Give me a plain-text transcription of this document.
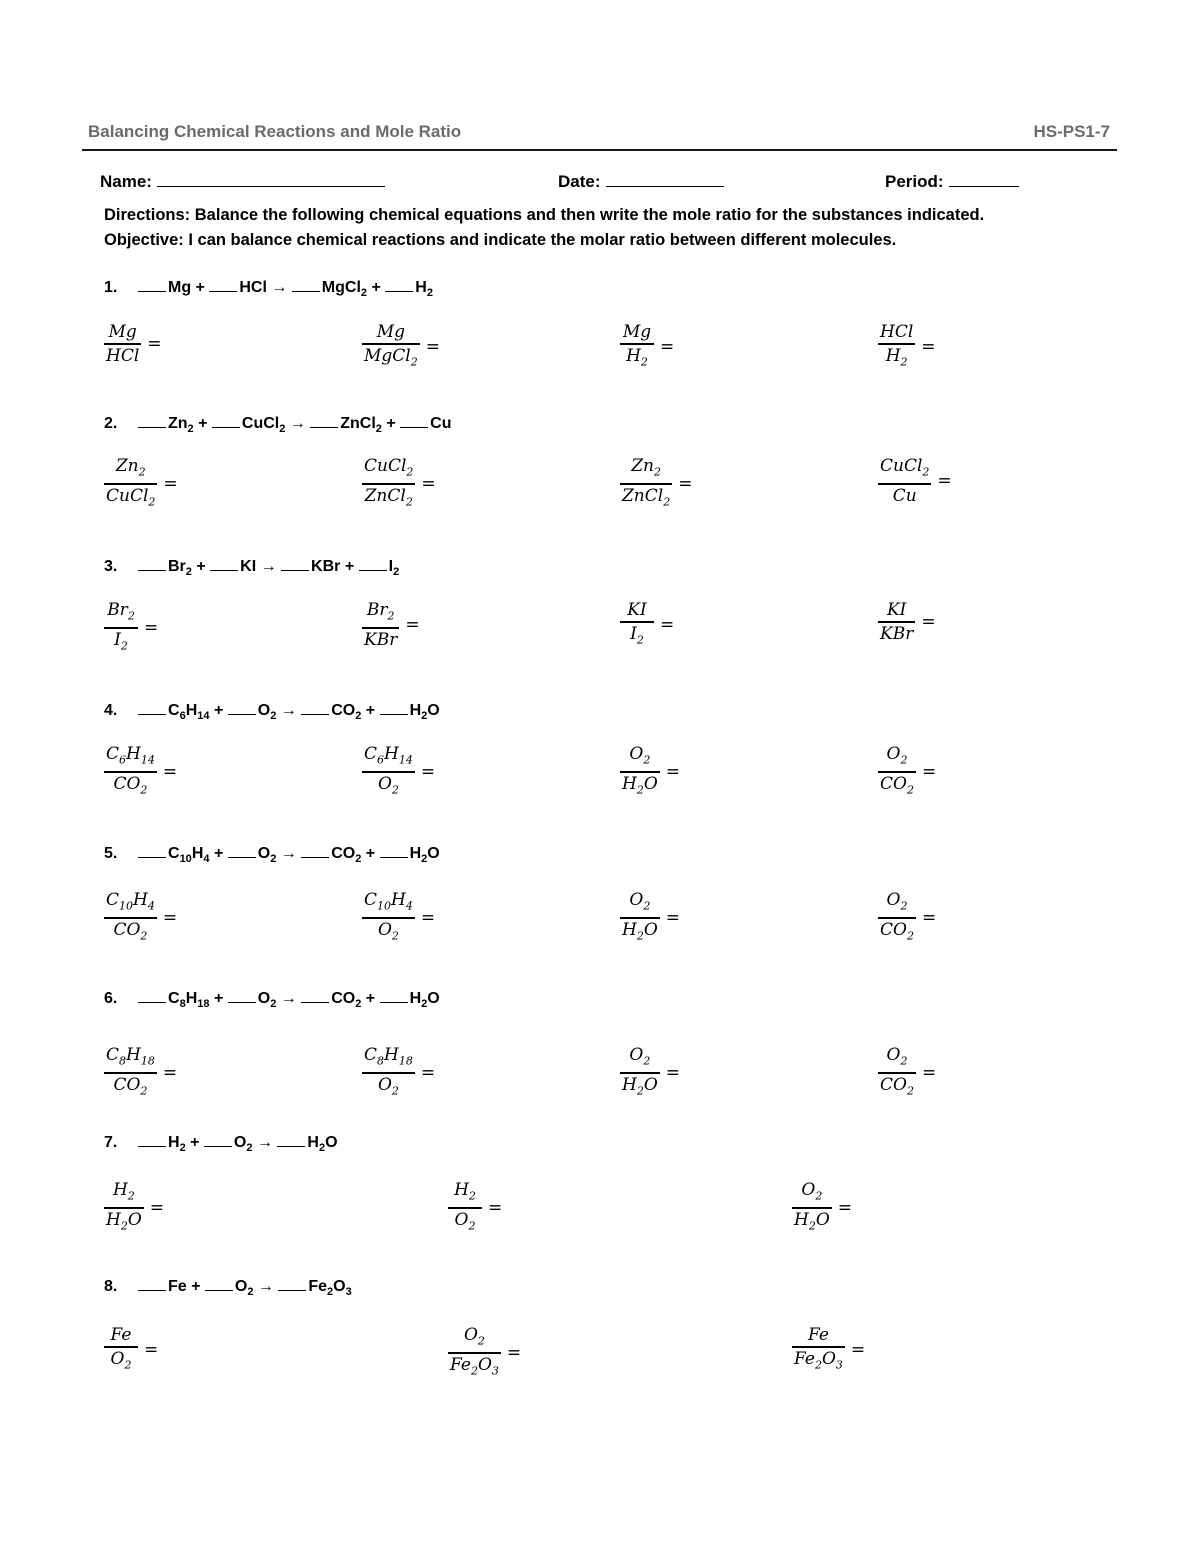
Balancing Chemical Reactions and Mole Ratio	HS-PS1-7
Name:	Date:	Period:
Directions: Balance the following chemical equations and then write the mole ratio for the substances indicated.
Objective: I can balance chemical reactions and indicate the molar ratio between different molecules.
1.	Mg + HCl → MgCl$_2$ + $H_2$
$\frac{Mg}{\text{HCl}}$ =	$\frac{Mg}{MgCl_2}$ =	$\frac{Mg}{H_2}$ =	$\frac{\text{HCl}}{H_2}$ =
2.	$Zn_2$ + CuCl$_2$ → ZnCl$_2$ + Cu
$\frac{Zn_2}{CuCl_2}$ =	$\frac{CuCl_2}{ZnCl_2}$ =	$\frac{Zn_2}{ZnCl_2}$ =	$\frac{CuCl_2}{Cu}$ =
3.	$Br_2$ + KI → KBr + $I_2$
$\frac{Br_2}{I_2}$ =	$\frac{Br_2}{\text{KBr}}$ =	$\frac{KI}{I_2}$ =	$\frac{KI}{\text{KBr}}$ =
4.	$C_6H_{14} + O_2 \to CO_2 + H_2O$
$\frac{C_6H_{14}}{CO_2}$ =	$\frac{C_6H_{14}}{O_2}$ =	$\frac{O_2}{H_2O}$ =	$\frac{O_2}{CO_2}$ =
5.	$C_{10}H_4 + O_2 \to CO_2 + H_2O$
$\frac{C_{10}H_4}{CO_2}$ =	$\frac{C_{10}H_4}{O_2}$ =	$\frac{O_2}{H_2O}$ =	$\frac{O_2}{CO_2}$ =
6.	$C_8H_{18} + O_2 \to CO_2 + H_2O$
$\frac{C_8H_{18}}{CO_2}$ =	$\frac{C_8H_{18}}{O_2}$ =	$\frac{O_2}{H_2O}$ =	$\frac{O_2}{CO_2}$ =
7.	$H_2 + O_2 \to H_2O$
$\frac{H_2}{H_2O}$ =	$\frac{H_2}{O_2}$ =	$\frac{O_2}{H_2O}$ =
8.	$Fe + O_2 \to Fe_2O_3$
$\frac{Fe}{O_2}$ =	$\frac{O_2}{Fe_2O_3}$ =	$\frac{Fe}{Fe_2O_3}$ =
